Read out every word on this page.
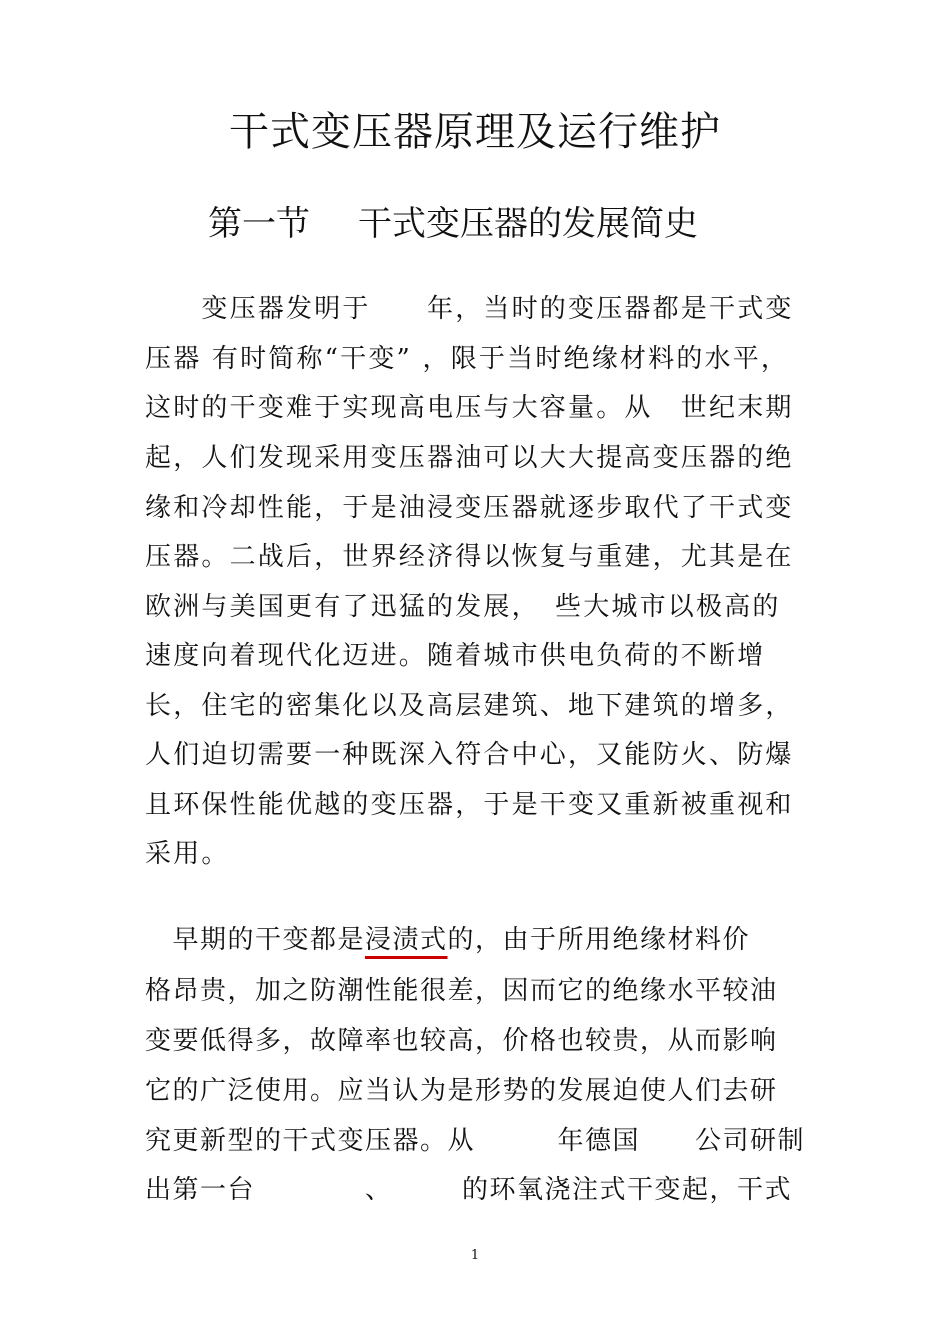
干式变压器原理及运行维护
第一节 干式变压器的发展简史
　　变压器发明于　　年，当时的变压器都是干式变
压器 有时简称“干变” ，限于当时绝缘材料的水平，
这时的干变难于实现高电压与大容量。从　世纪末期
起，人们发现采用变压器油可以大大提高变压器的绝
缘和冷却性能，于是油浸变压器就逐步取代了干式变
压器。二战后，世界经济得以恢复与重建，尤其是在
欧洲与美国更有了迅猛的发展，　些大城市以极高的
速度向着现代化迈进。随着城市供电负荷的不断增
长，住宅的密集化以及高层建筑、地下建筑的增多，
人们迫切需要一种既深入符合中心，又能防火、防爆
且环保性能优越的变压器，于是干变又重新被重视和
采用。
　早期的干变都是浸渍式的，由于所用绝缘材料价
格昂贵，加之防潮性能很差，因而它的绝缘水平较油
变要低得多，故障率也较高，价格也较贵，从而影响
它的广泛使用。应当认为是形势的发展迫使人们去研
究更新型的干式变压器。从　　　年德国　　公司研制
出第一台　　　　、　　　的环氧浇注式干变起，干式
1
